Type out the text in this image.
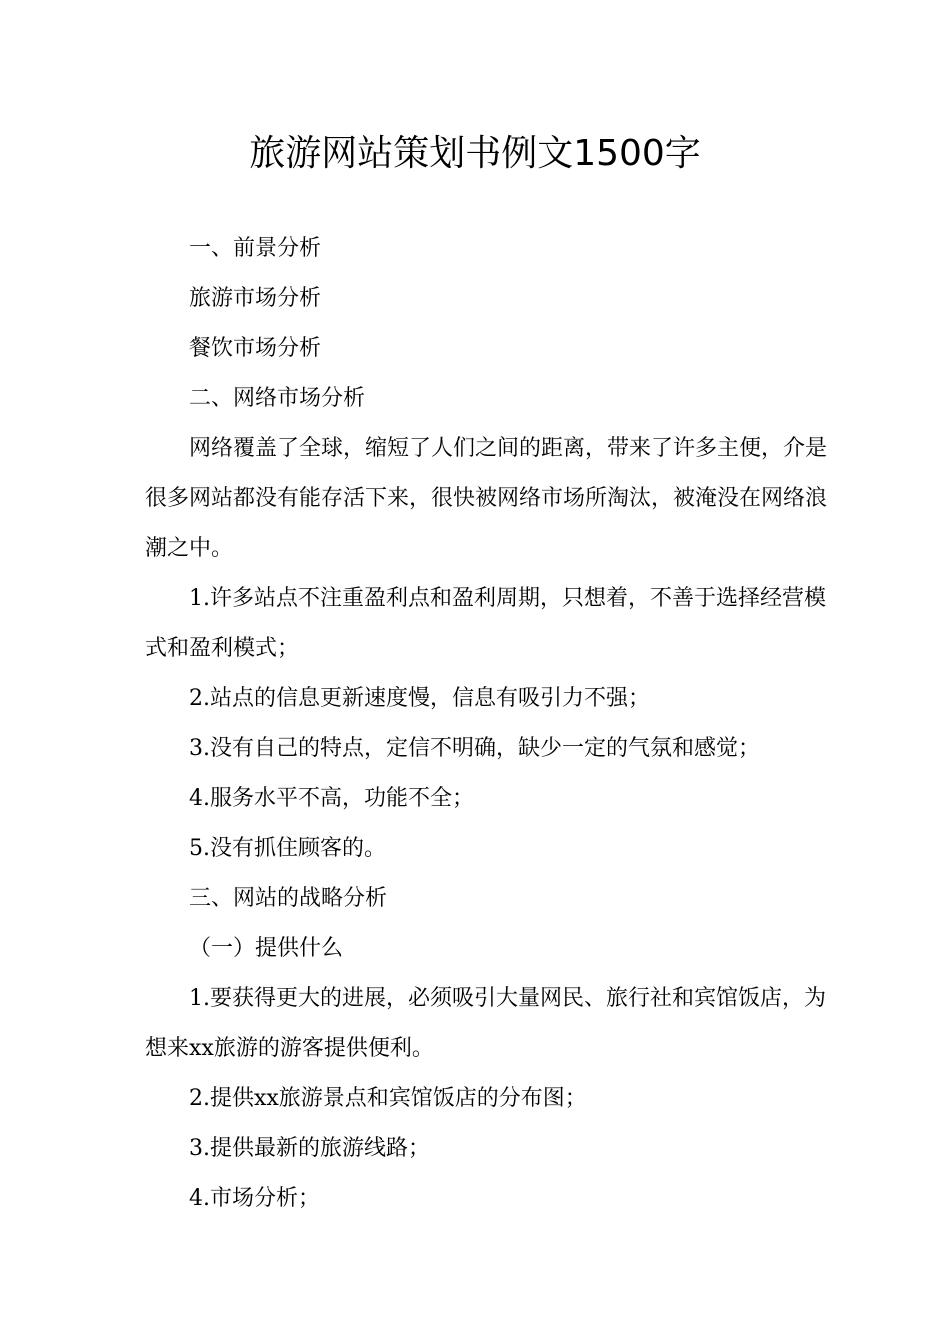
旅游网站策划书例文1500字

一、前景分析

旅游市场分析

餐饮市场分析

二、网络市场分析

网络覆盖了全球，缩短了人们之间的距离，带来了许多主便，介是很多网站都没有能存活下来，很快被网络市场所淘汰，被淹没在网络浪潮之中。

1.许多站点不注重盈利点和盈利周期，只想着，不善于选择经营模式和盈利模式；

2.站点的信息更新速度慢，信息有吸引力不强；

3.没有自己的特点，定信不明确，缺少一定的气氛和感觉；

4.服务水平不高，功能不全；

5.没有抓住顾客的。

三、网站的战略分析

（一）提供什么

1.要获得更大的进展，必须吸引大量网民、旅行社和宾馆饭店，为想来xx旅游的游客提供便利。

2.提供xx旅游景点和宾馆饭店的分布图；

3.提供最新的旅游线路；

4.市场分析；
